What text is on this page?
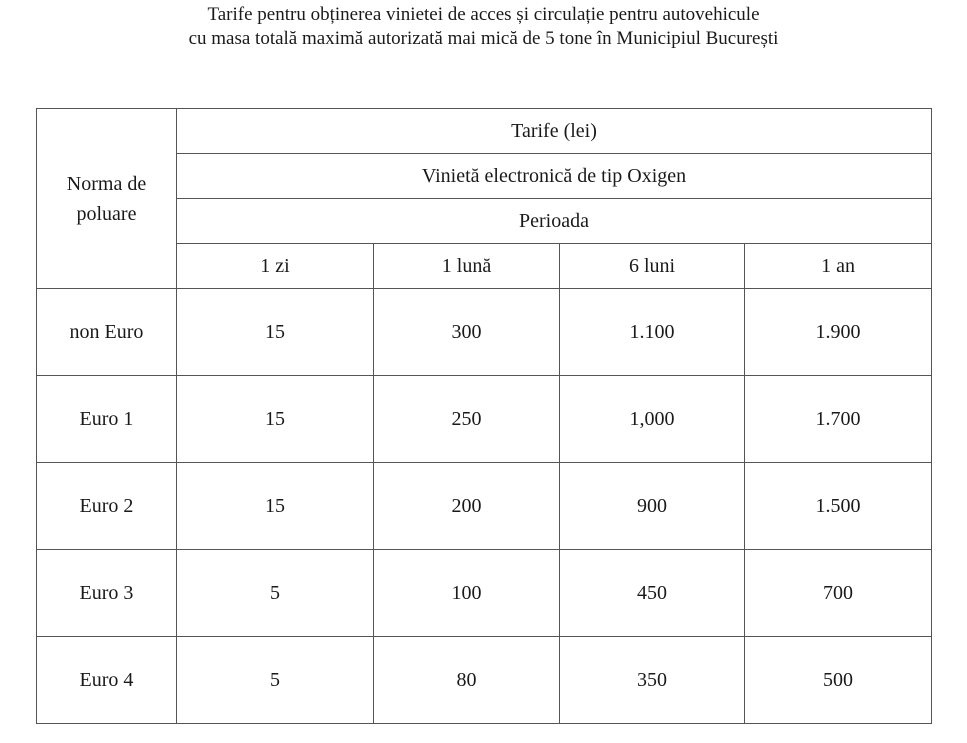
Tarife pentru obținerea vinietei de acces și circulație pentru autovehicule
cu masa totală maximă autorizată mai mică de 5 tone în Municipiul București
Norma de
poluare	Tarife (lei)			
	Vinietă electronică de tip Oxigen			
	Perioada			
	1 zi	1 lună	6 luni	1 an
non Euro	15	300	1.100	1.900
Euro 1	15	250	1,000	1.700
Euro 2	15	200	900	1.500
Euro 3	5	100	450	700
Euro 4	5	80	350	500
